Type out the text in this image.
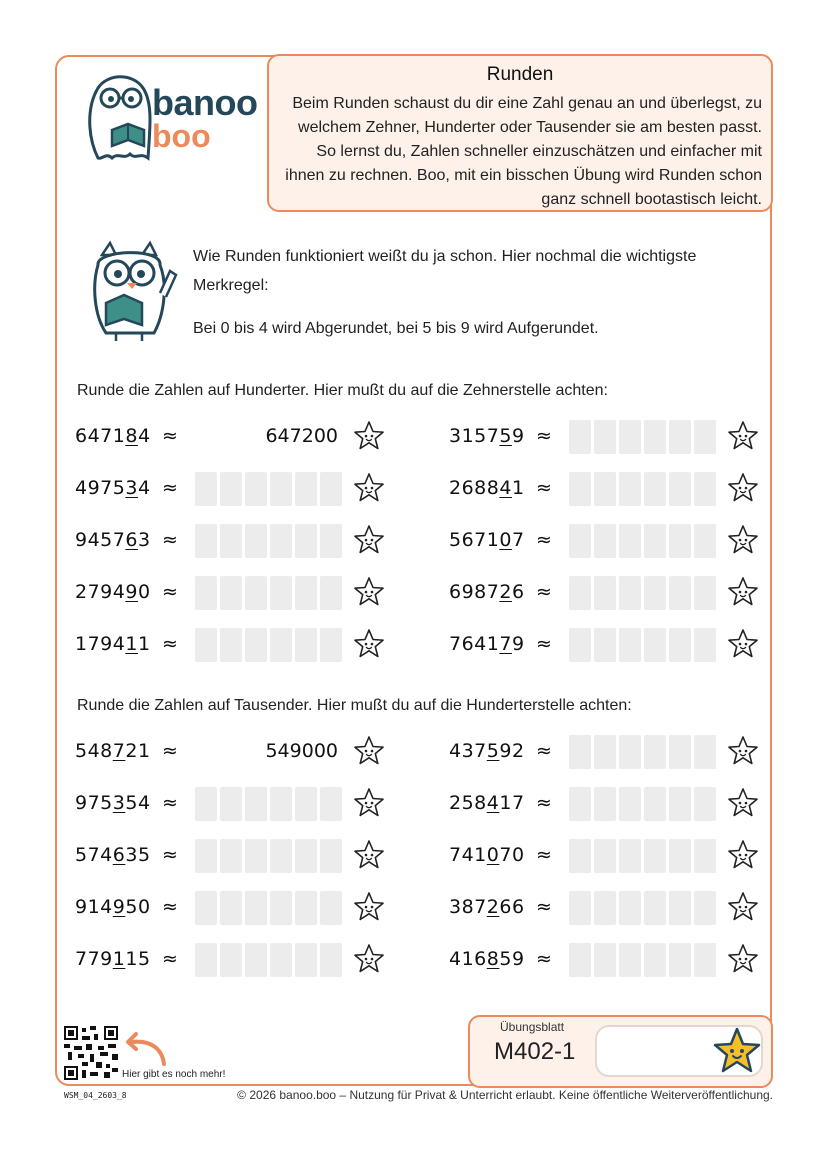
banoo
boo
Runden
Beim Runden schaust du dir eine Zahl genau an und überlegst, zu welchem Zehner, Hunderter oder Tausender sie am besten passt. So lernst du, Zahlen schneller einzuschätzen und einfacher mit ihnen zu rechnen. Boo, mit ein bisschen Übung wird Runden schon ganz schnell bootastisch leicht.
Wie Runden funktioniert weißt du ja schon. Hier nochmal die wichtigste
Merkregel:
Bei 0 bis 4 wird Abgerundet, bei 5 bis 9 wird Aufgerundet.
Runde die Zahlen auf Hunderter. Hier mußt du auf die Zehnerstelle achten:
Runde die Zahlen auf Tausender. Hier mußt du auf die Hunderterstelle achten:
647184 ≈	647200
497534 ≈
945763 ≈
279490 ≈
179411 ≈
315759 ≈
268841 ≈
567107 ≈
698726 ≈
764179 ≈
548721 ≈	549000
975354 ≈
574635 ≈
914950 ≈
779115 ≈
437592 ≈
258417 ≈
741070 ≈
387266 ≈
416859 ≈
Hier gibt es noch mehr!
Übungsblatt
M402-1
WSM_04_2603_8	© 2026 banoo.boo – Nutzung für Privat & Unterricht erlaubt. Keine öffentliche Weiterveröffentlichung.
